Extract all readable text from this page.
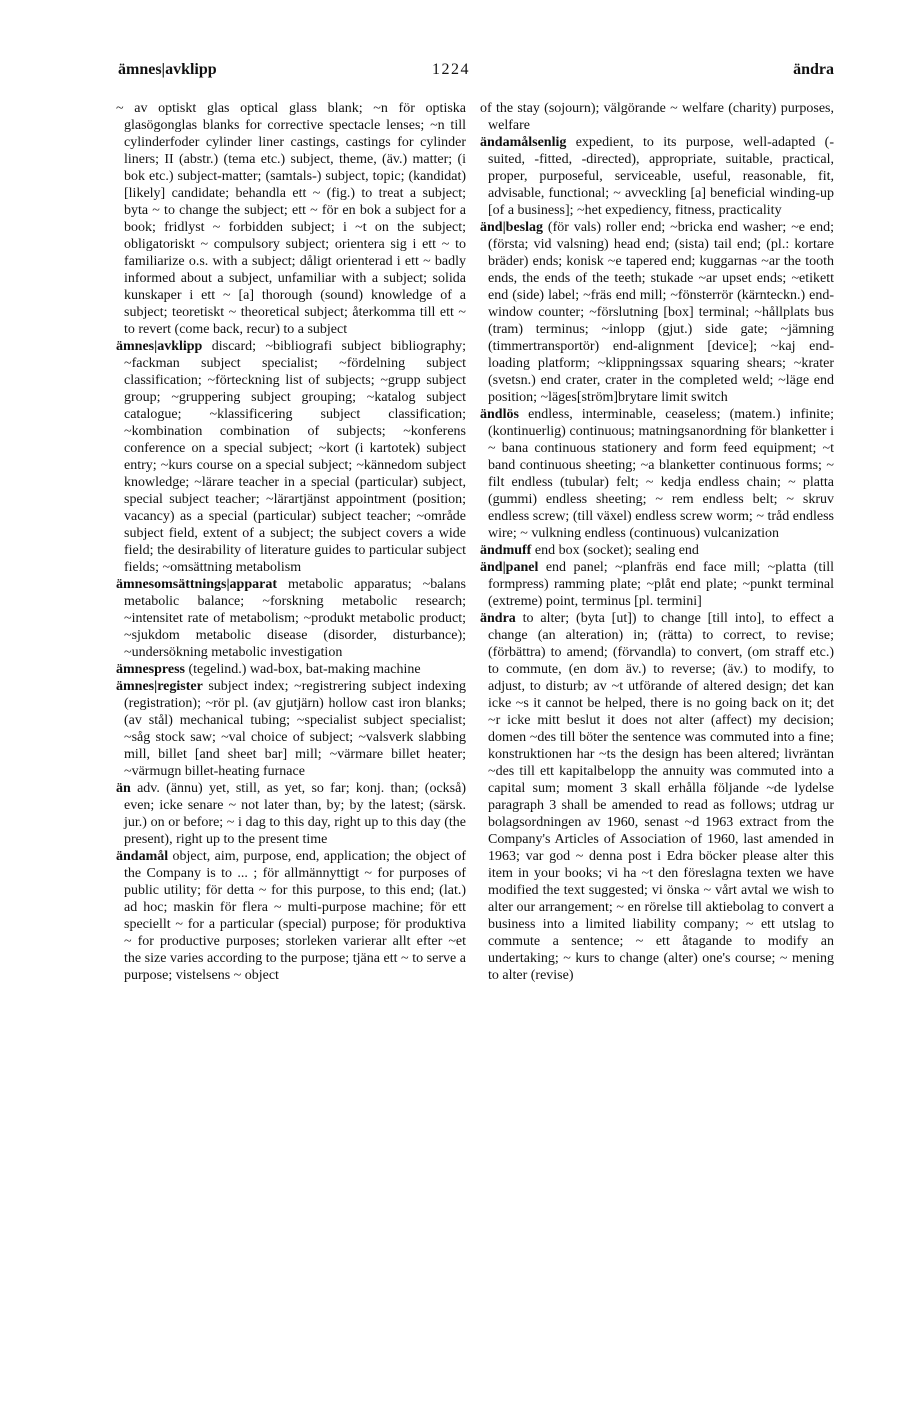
ämnes|avklipp	1224	ändra

~ av optiskt glas optical glass blank; ~n för optiska glasögonglas blanks for corrective spectacle lenses; ~n till cylinderfoder cylinder liner castings, castings for cylinder liners; II (abstr.) (tema etc.) subject, theme, (äv.) matter; (i bok etc.) subject-matter; (samtals-) subject, topic; (kandidat) [likely] candidate; behandla ett ~ (fig.) to treat a subject; byta ~ to change the subject; ett ~ för en bok a subject for a book; fridlyst ~ forbidden subject; i ~t on the subject; obligatoriskt ~ compulsory subject; orientera sig i ett ~ to familiarize o.s. with a subject; dåligt orienterad i ett ~ badly informed about a subject, unfamiliar with a subject; solida kunskaper i ett ~ [a] thorough (sound) knowledge of a subject; teoretiskt ~ theoretical subject; återkomma till ett ~ to revert (come back, recur) to a subject

ämnes|avklipp discard; ~bibliografi subject bibliography; ~fackman subject specialist; ~fördelning subject classification; ~förteckning list of subjects; ~grupp subject group; ~gruppering subject grouping; ~katalog subject catalogue; ~klassificering subject classification; ~kombination combination of subjects; ~konferens conference on a special subject; ~kort (i kartotek) subject entry; ~kurs course on a special subject; ~kännedom subject knowledge; ~lärare teacher in a special (particular) subject, special subject teacher; ~lärartjänst appointment (position; vacancy) as a special (particular) subject teacher; ~område subject field, extent of a subject; the subject covers a wide field; the desirability of literature guides to particular subject fields; ~omsättning metabolism

ämnesomsättnings|apparat metabolic apparatus; ~balans metabolic balance; ~forskning metabolic research; ~intensitet rate of metabolism; ~produkt metabolic product; ~sjukdom metabolic disease (disorder, disturbance); ~undersökning metabolic investigation

ämnespress (tegelind.) wad-box, bat-making machine

ämnes|register subject index; ~registrering subject indexing (registration); ~rör pl. (av gjutjärn) hollow cast iron blanks; (av stål) mechanical tubing; ~specialist subject specialist; ~såg stock saw; ~val choice of subject; ~valsverk slabbing mill, billet [and sheet bar] mill; ~värmare billet heater; ~värmugn billet-heating furnace

än adv. (ännu) yet, still, as yet, so far; konj. than; (också) even; icke senare ~ not later than, by; by the latest; (särsk. jur.) on or before; ~ i dag to this day, right up to this day (the present), right up to the present time

ändamål object, aim, purpose, end, application; the object of the Company is to ... ; för allmännyttigt ~ for purposes of public utility; för detta ~ for this purpose, to this end; (lat.) ad hoc; maskin för flera ~ multi-purpose machine; för ett speciellt ~ for a particular (special) purpose; för produktiva ~ for productive purposes; storleken varierar allt efter ~et the size varies according to the purpose; tjäna ett ~ to serve a purpose; vistelsens ~ object

of the stay (sojourn); välgörande ~ welfare (charity) purposes, welfare

ändamålsenlig expedient, to its purpose, well-adapted (-suited, -fitted, -directed), appropriate, suitable, practical, proper, purposeful, serviceable, useful, reasonable, fit, advisable, functional; ~ avveckling [a] beneficial winding-up [of a business]; ~het expediency, fitness, practicality

änd|beslag (för vals) roller end; ~bricka end washer; ~e end; (första; vid valsning) head end; (sista) tail end; (pl.: kortare bräder) ends; konisk ~e tapered end; kuggarnas ~ar the tooth ends, the ends of the teeth; stukade ~ar upset ends; ~etikett end (side) label; ~fräs end mill; ~fönsterrör (kärnteckn.) end-window counter; ~förslutning [box] terminal; ~hållplats bus (tram) terminus; ~inlopp (gjut.) side gate; ~jämning (timmertransportör) end-alignment [device]; ~kaj end-loading platform; ~klippningssax squaring shears; ~krater (svetsn.) end crater, crater in the completed weld; ~läge end position; ~läges[ström]brytare limit switch

ändlös endless, interminable, ceaseless; (matem.) infinite; (kontinuerlig) continuous; matningsanordning för blanketter i ~ bana continuous stationery and form feed equipment; ~t band continuous sheeting; ~a blanketter continuous forms; ~ filt endless (tubular) felt; ~ kedja endless chain; ~ platta (gummi) endless sheeting; ~ rem endless belt; ~ skruv endless screw; (till växel) endless screw worm; ~ tråd endless wire; ~ vulkning endless (continuous) vulcanization

ändmuff end box (socket); sealing end

änd|panel end panel; ~planfräs end face mill; ~platta (till formpress) ramming plate; ~plåt end plate; ~punkt terminal (extreme) point, terminus [pl. termini]

ändra to alter; (byta [ut]) to change [till into], to effect a change (an alteration) in; (rätta) to correct, to revise; (förbättra) to amend; (förvandla) to convert, (om straff etc.) to commute, (en dom äv.) to reverse; (äv.) to modify, to adjust, to disturb; av ~t utförande of altered design; det kan icke ~s it cannot be helped, there is no going back on it; det ~r icke mitt beslut it does not alter (affect) my decision; domen ~des till böter the sentence was commuted into a fine; konstruktionen har ~ts the design has been altered; livräntan ~des till ett kapitalbelopp the annuity was commuted into a capital sum; moment 3 skall erhålla följande ~de lydelse paragraph 3 shall be amended to read as follows; utdrag ur bolagsordningen av 1960, senast ~d 1963 extract from the Company's Articles of Association of 1960, last amended in 1963; var god ~ denna post i Edra böcker please alter this item in your books; vi ha ~t den föreslagna texten we have modified the text suggested; vi önska ~ vårt avtal we wish to alter our arrangement; ~ en rörelse till aktiebolag to convert a business into a limited liability company; ~ ett utslag to commute a sentence; ~ ett åtagande to modify an undertaking; ~ kurs to change (alter) one's course; ~ mening to alter (revise)
